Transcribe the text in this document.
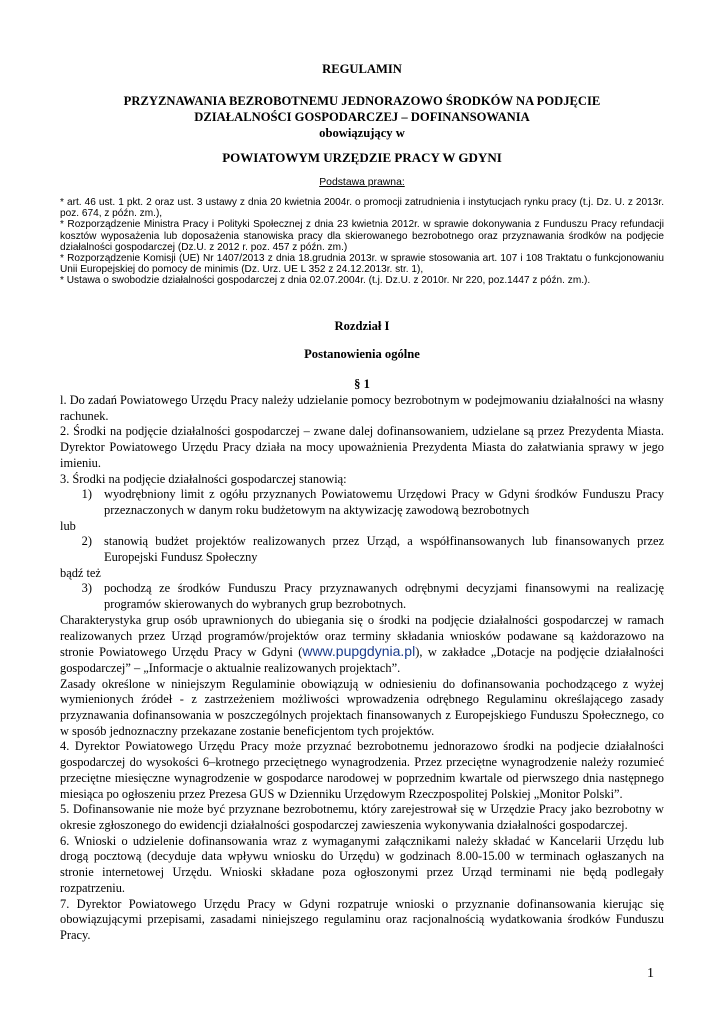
REGULAMIN
PRZYZNAWANIA BEZROBOTNEMU JEDNORAZOWO ŚRODKÓW NA PODJĘCIE
DZIAŁALNOŚCI GOSPODARCZEJ – DOFINANSOWANIA
obowiązujący w
POWIATOWYM URZĘDZIE PRACY W GDYNI
Podstawa prawna:

* art. 46 ust. 1 pkt. 2 oraz ust. 3 ustawy z dnia 20 kwietnia 2004r. o promocji zatrudnienia i instytucjach rynku pracy (t.j. Dz. U. z 2013r. poz. 674, z późn. zm.),

* Rozporządzenie Ministra Pracy i Polityki Społecznej z dnia 23 kwietnia 2012r. w sprawie dokonywania z Funduszu Pracy refundacji kosztów wyposażenia lub doposażenia stanowiska pracy dla skierowanego bezrobotnego oraz przyznawania środków na podjęcie działalności gospodarczej (Dz.U. z 2012 r. poz. 457 z późn. zm.)

* Rozporządzenie Komisji (UE) Nr 1407/2013 z dnia 18.grudnia 2013r. w sprawie stosowania art. 107 i 108 Traktatu o funkcjonowaniu Unii Europejskiej do pomocy de minimis (Dz. Urz. UE L 352 z 24.12.2013r. str. 1),

* Ustawa o swobodzie działalności gospodarczej z dnia 02.07.2004r. (t.j. Dz.U. z 2010r. Nr 220, poz.1447 z późn. zm.).

Rozdział I
Postanowienia ogólne
§ 1

l. Do zadań Powiatowego Urzędu Pracy należy udzielanie pomocy bezrobotnym w podejmowaniu działalności na własny rachunek.

2. Środki na podjęcie działalności gospodarczej – zwane dalej dofinansowaniem, udzielane są przez Prezydenta Miasta. Dyrektor Powiatowego Urzędu Pracy działa na mocy upoważnienia Prezydenta Miasta do załatwiania sprawy w jego imieniu.

3. Środki na podjęcie działalności gospodarczej stanowią:

1) wyodrębniony limit z ogółu przyznanych Powiatowemu Urzędowi Pracy w Gdyni środków Funduszu Pracy przeznaczonych w danym roku budżetowym na aktywizację zawodową bezrobotnych

lub

2) stanowią budżet projektów realizowanych przez Urząd, a współfinansowanych lub finansowanych przez Europejski Fundusz Społeczny

bądź też

3) pochodzą ze środków Funduszu Pracy przyznawanych odrębnymi decyzjami finansowymi na realizację programów skierowanych do wybranych grup bezrobotnych.

Charakterystyka grup osób uprawnionych do ubiegania się o środki na podjęcie działalności gospodarczej w ramach realizowanych przez Urząd programów/projektów oraz terminy składania wniosków podawane są każdorazowo na stronie Powiatowego Urzędu Pracy w Gdyni (www.pupgdynia.pl), w zakładce „Dotacje na podjęcie działalności gospodarczej” – „Informacje o aktualnie realizowanych projektach”.

Zasady określone w niniejszym Regulaminie obowiązują w odniesieniu do dofinansowania pochodzącego z wyżej wymienionych źródeł - z zastrzeżeniem możliwości wprowadzenia odrębnego Regulaminu określającego zasady przyznawania dofinansowania w poszczególnych projektach finansowanych z Europejskiego Funduszu Społecznego, co w sposób jednoznaczny przekazane zostanie beneficjentom tych projektów.

4. Dyrektor Powiatowego Urzędu Pracy może przyznać bezrobotnemu jednorazowo środki na podjecie działalności gospodarczej do wysokości 6–krotnego przeciętnego wynagrodzenia. Przez przeciętne wynagrodzenie należy rozumieć przeciętne miesięczne wynagrodzenie w gospodarce narodowej w poprzednim kwartale od pierwszego dnia następnego miesiąca po ogłoszeniu przez Prezesa GUS w Dzienniku Urzędowym Rzeczpospolitej Polskiej „Monitor Polski”.

5. Dofinansowanie nie może być przyznane bezrobotnemu, który zarejestrował się w Urzędzie Pracy jako bezrobotny w okresie zgłoszonego do ewidencji działalności gospodarczej zawieszenia wykonywania działalności gospodarczej.

6. Wnioski o udzielenie dofinansowania wraz z wymaganymi załącznikami należy składać w Kancelarii Urzędu lub drogą pocztową (decyduje data wpływu wniosku do Urzędu) w godzinach 8.00-15.00 w terminach ogłaszanych na stronie internetowej Urzędu. Wnioski składane poza ogłoszonymi przez Urząd terminami nie będą podlegały rozpatrzeniu.

7. Dyrektor Powiatowego Urzędu Pracy w Gdyni rozpatruje wnioski o przyznanie dofinansowania kierując się obowiązującymi przepisami, zasadami niniejszego regulaminu oraz racjonalnością wydatkowania środków Funduszu Pracy.

1
